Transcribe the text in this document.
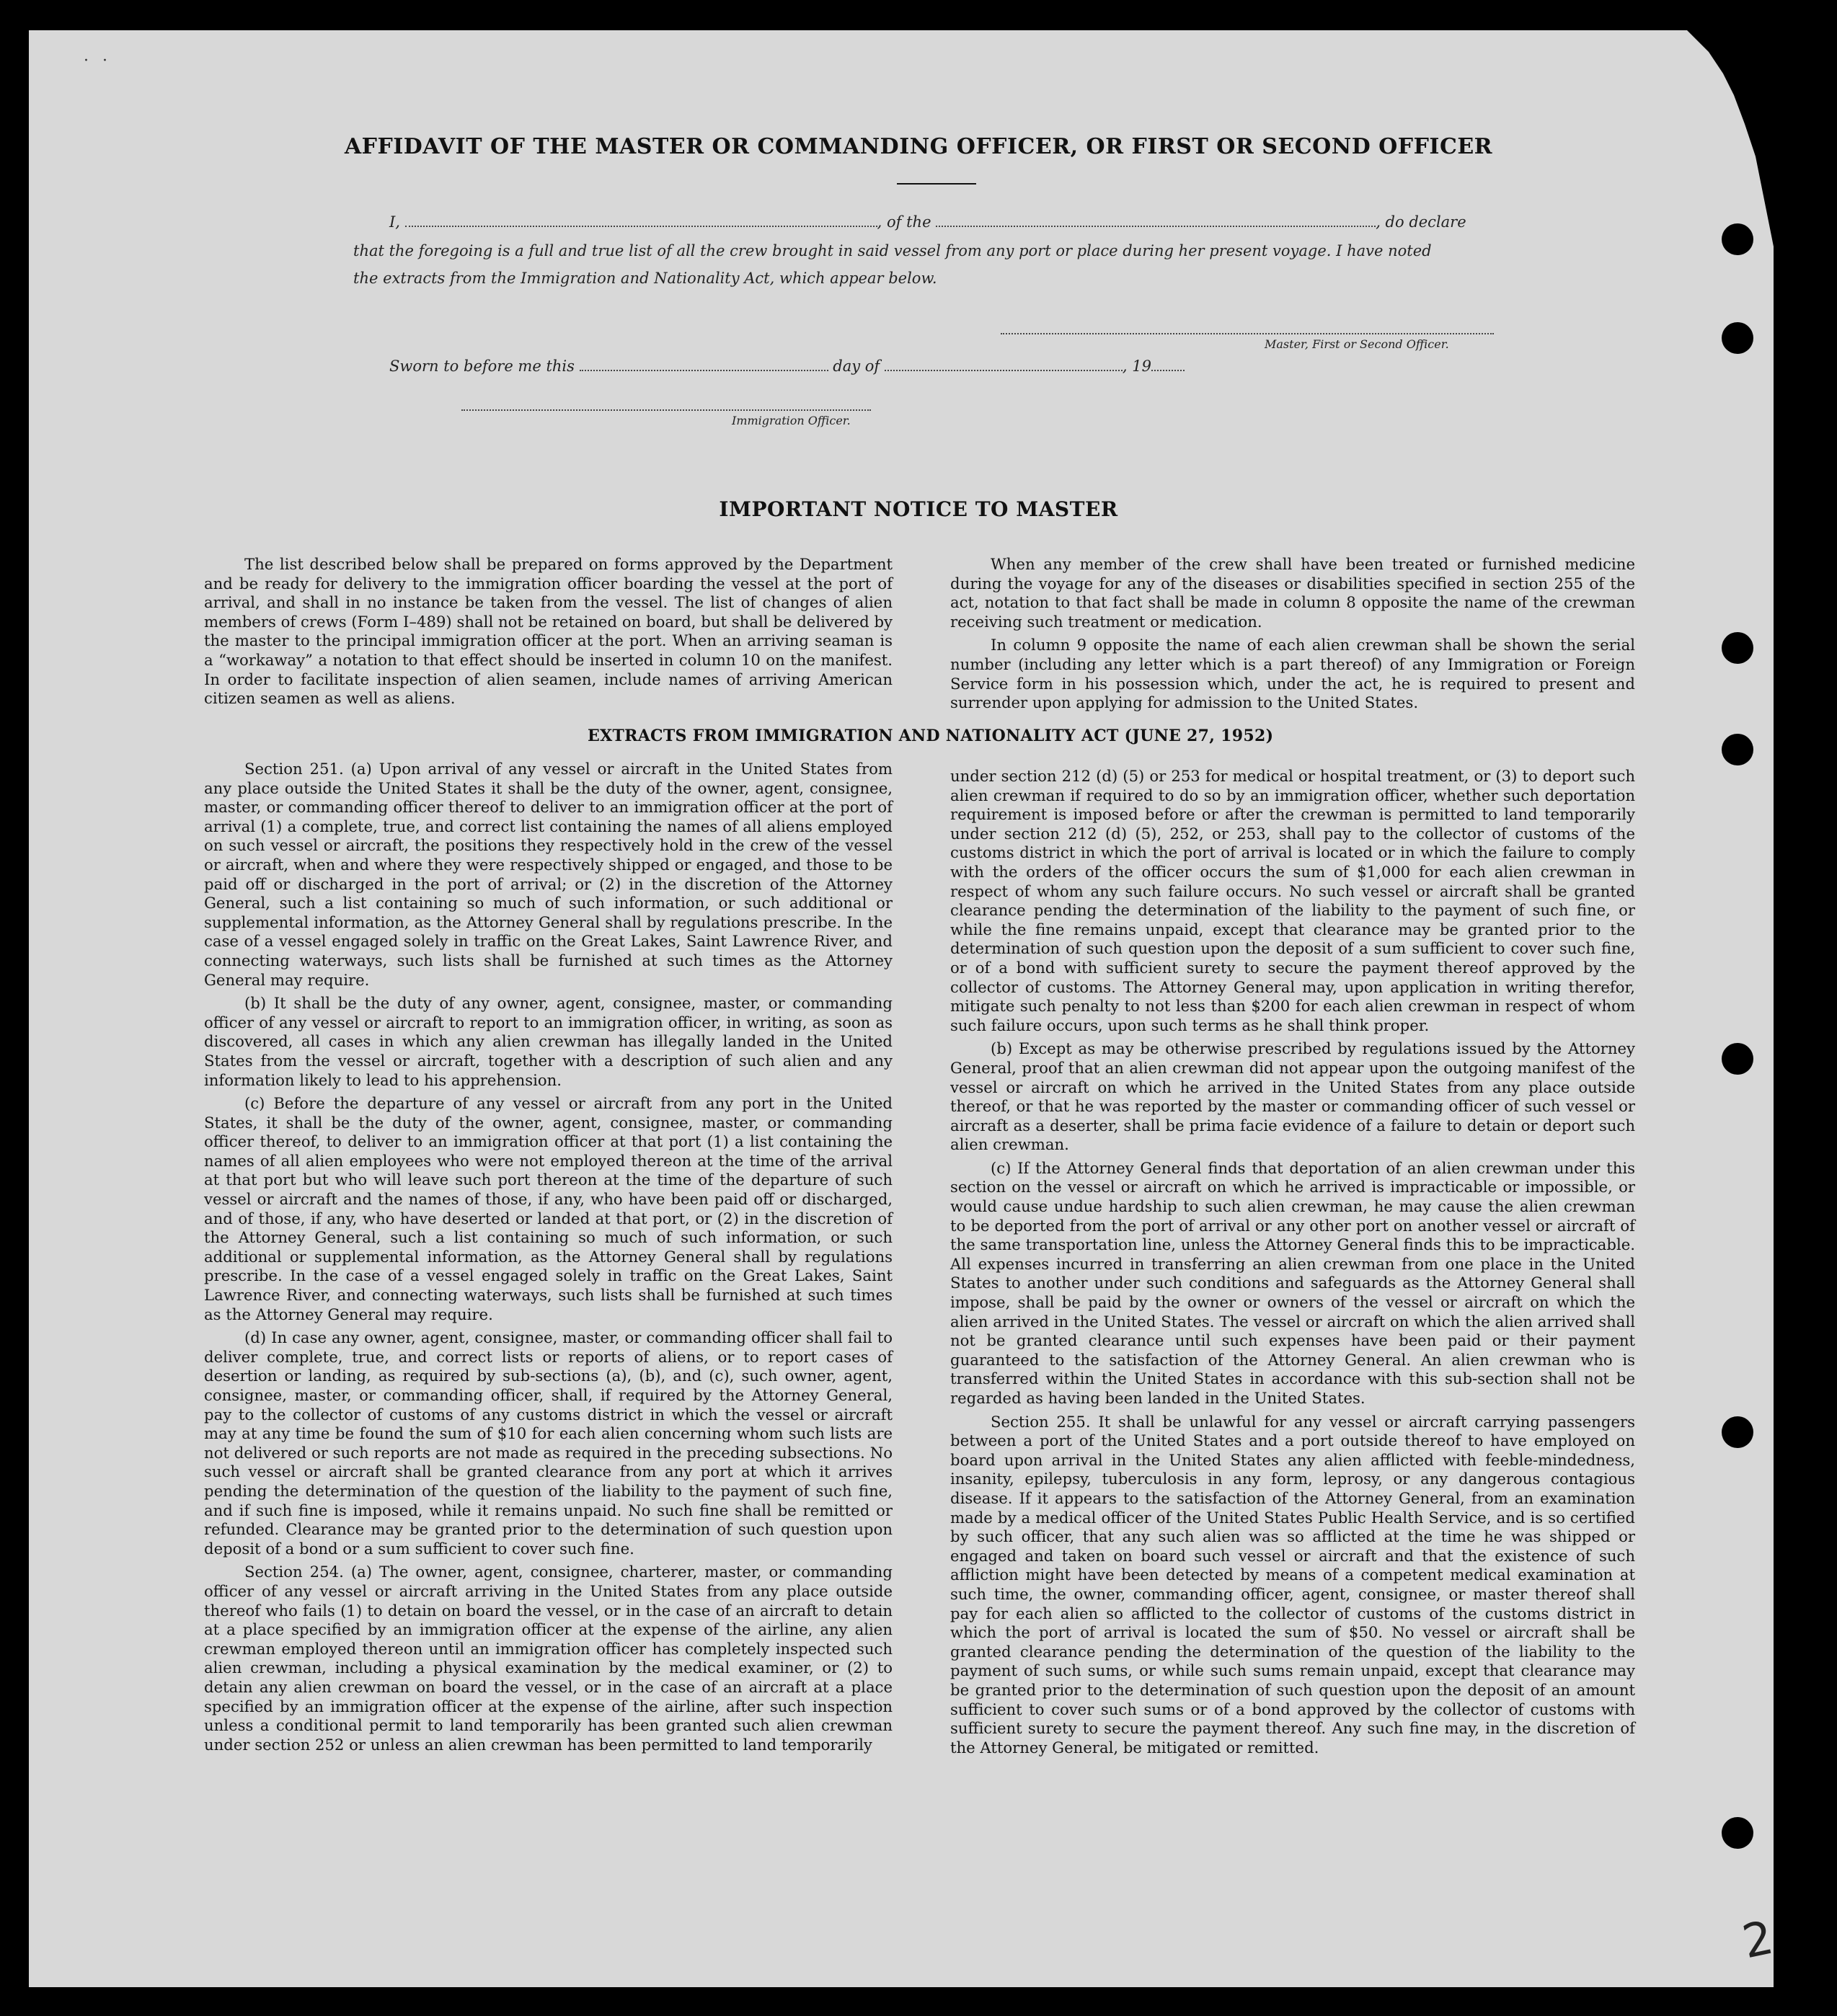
· ·
AFFIDAVIT OF THE MASTER OR COMMANDING OFFICER, OR FIRST OR SECOND OFFICER
I,	, of the	, do declare
that the foregoing is a full and true list of all the crew brought in said vessel from any port or place during her present voyage. I have noted
the extracts from the Immigration and Nationality Act, which appear below.
Master, First or Second Officer.
Sworn to before me this	day of	, 19
Immigration Officer.
IMPORTANT NOTICE TO MASTER

The list described below shall be prepared on forms approved by the Department and be ready for delivery to the immigration officer boarding the vessel at the port of arrival, and shall in no instance be taken from the vessel. The list of changes of alien members of crews (Form I–489) shall not be retained on board, but shall be delivered by the master to the principal immigration officer at the port. When an arriving seaman is a “workaway” a notation to that effect should be inserted in column 10 on the manifest. In order to facilitate inspection of alien seamen, include names of arriving American citizen seamen as well as aliens.

When any member of the crew shall have been treated or furnished medicine during the voyage for any of the diseases or disabilities specified in section 255 of the act, notation to that fact shall be made in column 8 opposite the name of the crewman receiving such treatment or medication.

In column 9 opposite the name of each alien crewman shall be shown the serial number (including any letter which is a part thereof) of any Immigration or Foreign Service form in his possession which, under the act, he is required to present and surrender upon applying for admission to the United States.

EXTRACTS FROM IMMIGRATION AND NATIONALITY ACT (JUNE 27, 1952)

Section 251. (a) Upon arrival of any vessel or aircraft in the United States from any place outside the United States it shall be the duty of the owner, agent, consignee, master, or commanding officer thereof to deliver to an immigration officer at the port of arrival (1) a complete, true, and correct list containing the names of all aliens employed on such vessel or aircraft, the positions they respectively hold in the crew of the vessel or aircraft, when and where they were respectively shipped or engaged, and those to be paid off or discharged in the port of arrival; or (2) in the discretion of the Attorney General, such a list containing so much of such information, or such additional or supplemental information, as the Attorney General shall by regulations prescribe. In the case of a vessel engaged solely in traffic on the Great Lakes, Saint Lawrence River, and connecting waterways, such lists shall be furnished at such times as the Attorney General may require.

(b) It shall be the duty of any owner, agent, consignee, master, or commanding officer of any vessel or aircraft to report to an immigration officer, in writing, as soon as discovered, all cases in which any alien crewman has illegally landed in the United States from the vessel or aircraft, together with a description of such alien and any information likely to lead to his apprehension.

(c) Before the departure of any vessel or aircraft from any port in the United States, it shall be the duty of the owner, agent, consignee, master, or commanding officer thereof, to deliver to an immigration officer at that port (1) a list containing the names of all alien employees who were not employed thereon at the time of the arrival at that port but who will leave such port thereon at the time of the departure of such vessel or aircraft and the names of those, if any, who have been paid off or discharged, and of those, if any, who have deserted or landed at that port, or (2) in the discretion of the Attorney General, such a list containing so much of such information, or such additional or supplemental information, as the Attorney General shall by regulations prescribe. In the case of a vessel engaged solely in traffic on the Great Lakes, Saint Lawrence River, and connecting waterways, such lists shall be furnished at such times as the Attorney General may require.

(d) In case any owner, agent, consignee, master, or commanding officer shall fail to deliver complete, true, and correct lists or reports of aliens, or to report cases of desertion or landing, as required by sub-sections (a), (b), and (c), such owner, agent, consignee, master, or commanding officer, shall, if required by the Attorney General, pay to the collector of customs of any customs district in which the vessel or aircraft may at any time be found the sum of $10 for each alien concerning whom such lists are not delivered or such reports are not made as required in the preceding subsections. No such vessel or aircraft shall be granted clearance from any port at which it arrives pending the determination of the question of the liability to the payment of such fine, and if such fine is imposed, while it remains unpaid. No such fine shall be remitted or refunded. Clearance may be granted prior to the determination of such question upon deposit of a bond or a sum sufficient to cover such fine.

Section 254. (a) The owner, agent, consignee, charterer, master, or commanding officer of any vessel or aircraft arriving in the United States from any place outside thereof who fails (1) to detain on board the vessel, or in the case of an aircraft to detain at a place specified by an immigration officer at the expense of the airline, any alien crewman employed thereon until an immigration officer has completely inspected such alien crewman, including a physical examination by the medical examiner, or (2) to detain any alien crewman on board the vessel, or in the case of an aircraft at a place specified by an immigration officer at the expense of the airline, after such inspection unless a conditional permit to land temporarily has been granted such alien crewman under section 252 or unless an alien crewman has been permitted to land temporarily

under section 212 (d) (5) or 253 for medical or hospital treatment, or (3) to deport such alien crewman if required to do so by an immigration officer, whether such deportation requirement is imposed before or after the crewman is permitted to land temporarily under section 212 (d) (5), 252, or 253, shall pay to the collector of customs of the customs district in which the port of arrival is located or in which the failure to comply with the orders of the officer occurs the sum of $1,000 for each alien crewman in respect of whom any such failure occurs. No such vessel or aircraft shall be granted clearance pending the determination of the liability to the payment of such fine, or while the fine remains unpaid, except that clearance may be granted prior to the determination of such question upon the deposit of a sum sufficient to cover such fine, or of a bond with sufficient surety to secure the payment thereof approved by the collector of customs. The Attorney General may, upon application in writing therefor, mitigate such penalty to not less than $200 for each alien crewman in respect of whom such failure occurs, upon such terms as he shall think proper.

(b) Except as may be otherwise prescribed by regulations issued by the Attorney General, proof that an alien crewman did not appear upon the outgoing manifest of the vessel or aircraft on which he arrived in the United States from any place outside thereof, or that he was reported by the master or commanding officer of such vessel or aircraft as a deserter, shall be prima facie evidence of a failure to detain or deport such alien crewman.

(c) If the Attorney General finds that deportation of an alien crewman under this section on the vessel or aircraft on which he arrived is impracticable or impossible, or would cause undue hardship to such alien crewman, he may cause the alien crewman to be deported from the port of arrival or any other port on another vessel or aircraft of the same transportation line, unless the Attorney General finds this to be impracticable. All expenses incurred in transferring an alien crewman from one place in the United States to another under such conditions and safeguards as the Attorney General shall impose, shall be paid by the owner or owners of the vessel or aircraft on which the alien arrived in the United States. The vessel or aircraft on which the alien arrived shall not be granted clearance until such expenses have been paid or their payment guaranteed to the satisfaction of the Attorney General. An alien crewman who is transferred within the United States in accordance with this sub-section shall not be regarded as having been landed in the United States.

Section 255. It shall be unlawful for any vessel or aircraft carrying passengers between a port of the United States and a port outside thereof to have employed on board upon arrival in the United States any alien afflicted with feeble-mindedness, insanity, epilepsy, tuberculosis in any form, leprosy, or any dangerous contagious disease. If it appears to the satisfaction of the Attorney General, from an examination made by a medical officer of the United States Public Health Service, and is so certified by such officer, that any such alien was so afflicted at the time he was shipped or engaged and taken on board such vessel or aircraft and that the existence of such affliction might have been detected by means of a competent medical examination at such time, the owner, commanding officer, agent, consignee, or master thereof shall pay for each alien so afflicted to the collector of customs of the customs district in which the port of arrival is located the sum of $50. No vessel or aircraft shall be granted clearance pending the determination of the question of the liability to the payment of such sums, or while such sums remain unpaid, except that clearance may be granted prior to the determination of such question upon the deposit of an amount sufficient to cover such sums or of a bond approved by the collector of customs with sufficient surety to secure the payment thereof. Any such fine may, in the discretion of the Attorney General, be mitigated or remitted.

2
